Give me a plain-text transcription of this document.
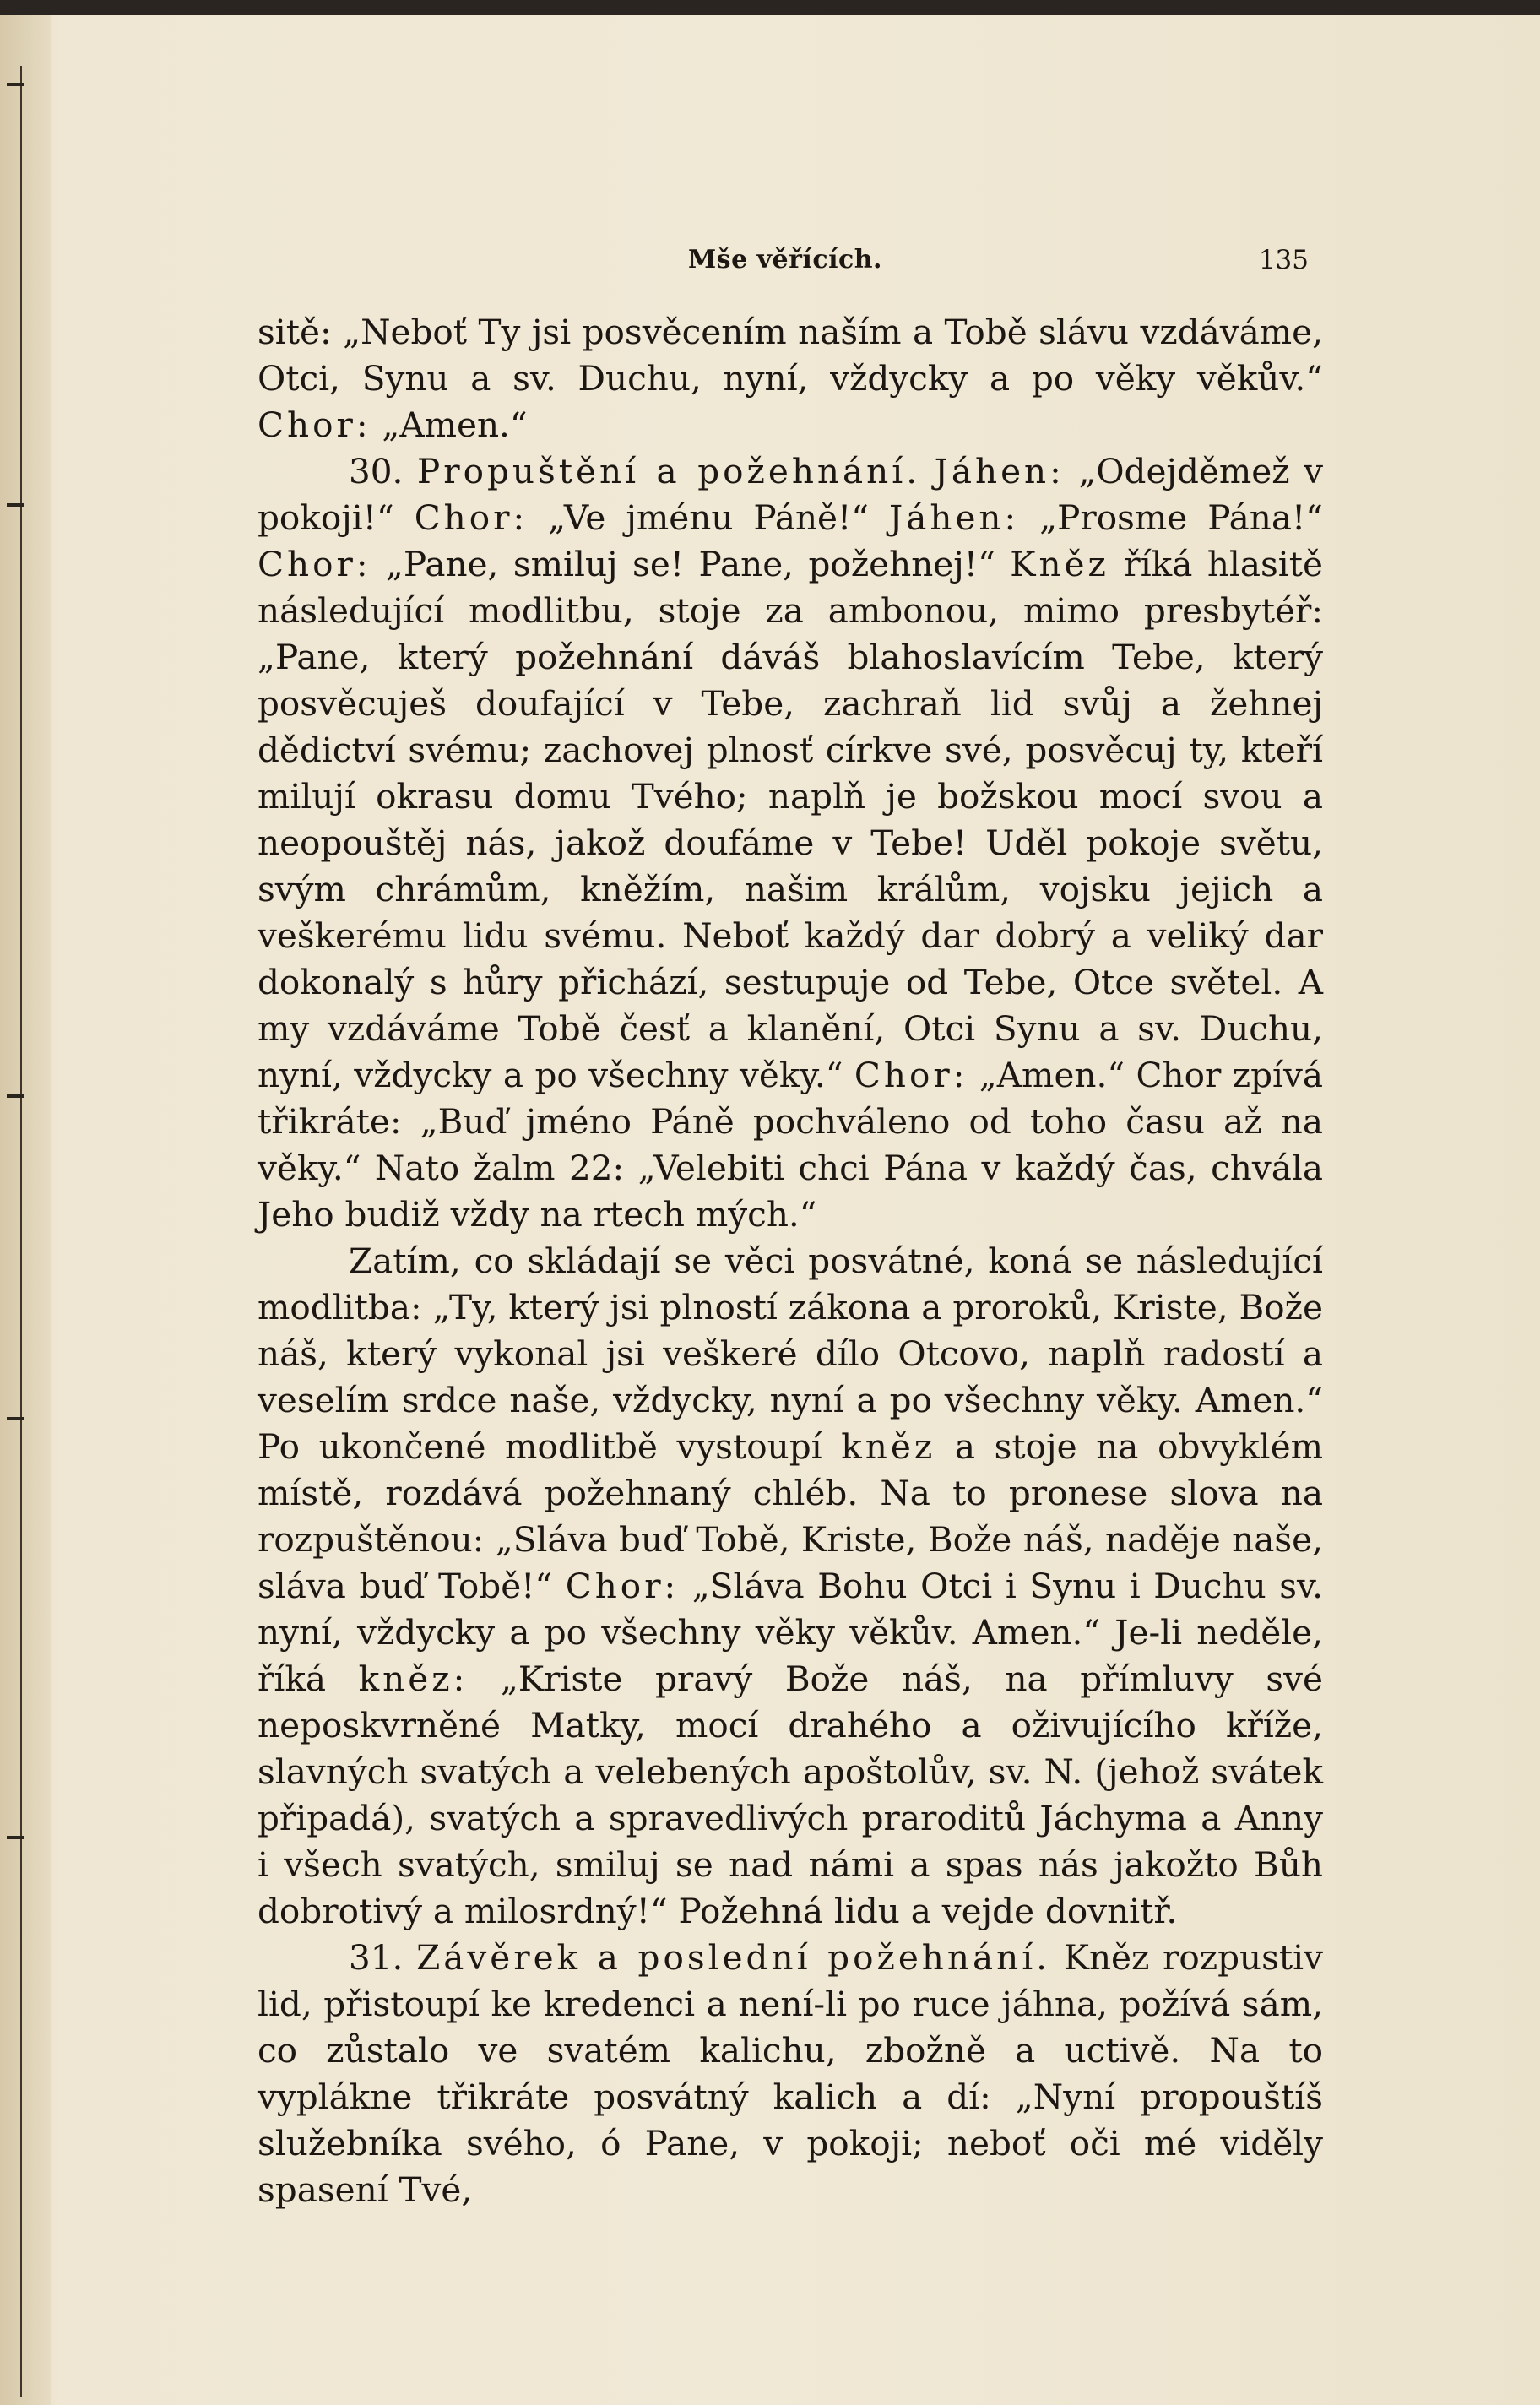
Mše věřících.	135

sitě: „Neboť Ty jsi posvěcením naším a Tobě slávu vzdáváme, Otci, Synu a sv. Duchu, nyní, vždycky a po věky věkův.“ Chor: „Amen.“

30. Propuštění a požehnání. Jáhen: „Odejděmež v pokoji!“ Chor: „Ve jménu Páně!“ Jáhen: „Prosme Pána!“ Chor: „Pane, smiluj se! Pane, požehnej!“ Kněz říká hlasitě následující modlitbu, stoje za ambonou, mimo presbytéř: „Pane, který požehnání dáváš blahoslavícím Tebe, který posvěcuješ doufající v Tebe, zachraň lid svůj a žehnej dědictví svému; zachovej plnosť církve své, posvěcuj ty, kteří milují okrasu domu Tvého; naplň je božskou mocí svou a neopouštěj nás, jakož doufáme v Tebe! Uděl pokoje světu, svým chrámům, kněžím, našim králům, vojsku jejich a veškerému lidu svému. Neboť každý dar dobrý a veliký dar dokonalý s hůry přichází, sestupuje od Tebe, Otce světel. A my vzdáváme Tobě česť a klanění, Otci Synu a sv. Duchu, nyní, vždycky a po všechny věky.“ Chor: „Amen.“ Chor zpívá třikráte: „Buď jméno Páně pochváleno od toho času až na věky.“ Nato žalm 22: „Velebiti chci Pána v každý čas, chvála Jeho budiž vždy na rtech mých.“

Zatím, co skládají se věci posvátné, koná se následující modlitba: „Ty, který jsi plností zákona a proroků, Kriste, Bože náš, který vykonal jsi veškeré dílo Otcovo, naplň radostí a veselím srdce naše, vždycky, nyní a po všechny věky. Amen.“ Po ukončené modlitbě vystoupí kněz a stoje na obvyklém místě, rozdává požehnaný chléb. Na to pronese slova na rozpuštěnou: „Sláva buď Tobě, Kriste, Bože náš, naděje naše, sláva buď Tobě!“ Chor: „Sláva Bohu Otci i Synu i Duchu sv. nyní, vždycky a po všechny věky věkův. Amen.“ Je-li neděle, říká kněz: „Kriste pravý Bože náš, na přímluvy své neposkvrněné Matky, mocí drahého a oživujícího kříže, slavných svatých a velebených apoštolův, sv. N. (jehož svátek připadá), svatých a spravedlivých praroditů Jáchyma a Anny i všech svatých, smiluj se nad námi a spas nás jakožto Bůh dobrotivý a milosrdný!“ Požehná lidu a vejde dovnitř.

31. Závěrek a poslední požehnání. Kněz rozpustiv lid, přistoupí ke kredenci a není-li po ruce jáhna, požívá sám, co zůstalo ve svatém kalichu, zbožně a uctivě. Na to vyplákne třikráte posvátný kalich a dí: „Nyní propouštíš služebníka svého, ó Pane, v pokoji; neboť oči mé viděly spasení Tvé,
